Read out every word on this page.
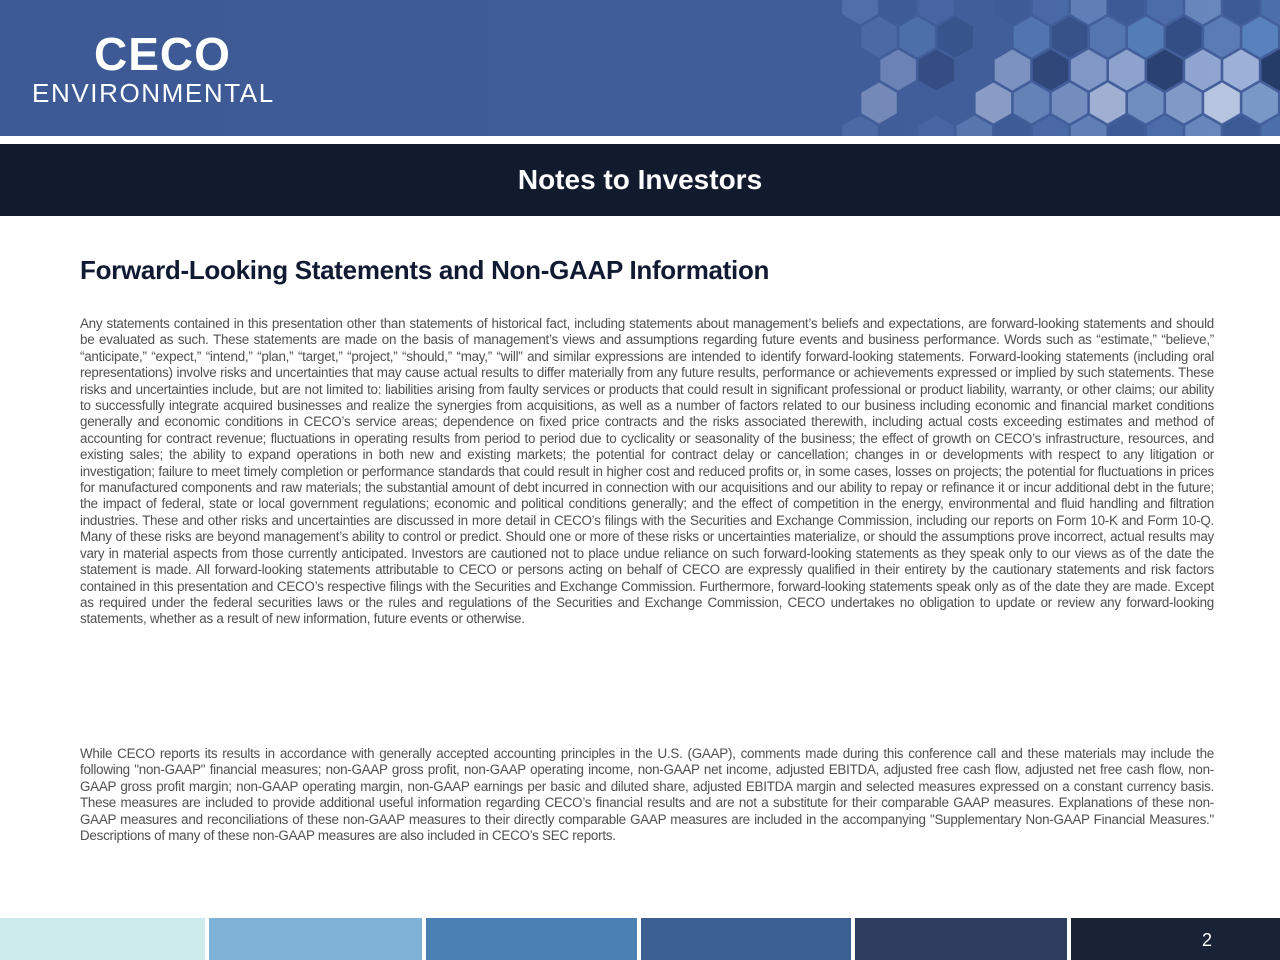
CECO
ENVIRONMENTAL
Notes to Investors
Forward-Looking Statements and Non-GAAP Information

Any statements contained in this presentation other than statements of historical fact, including statements about management’s beliefs and expectations, are forward-looking statements and should be evaluated as such. These statements are made on the basis of management’s views and assumptions regarding future events and business performance. Words such as “estimate,” “believe,” “anticipate,” “expect,” “intend,” “plan,” “target,” “project,” “should,” “may,” “will” and similar expressions are intended to identify forward-looking statements. Forward-looking statements (including oral representations) involve risks and uncertainties that may cause actual results to differ materially from any future results, performance or achievements expressed or implied by such statements. These risks and uncertainties include, but are not limited to: liabilities arising from faulty services or products that could result in significant professional or product liability, warranty, or other claims; our ability to successfully integrate acquired businesses and realize the synergies from acquisitions, as well as a number of factors related to our business including economic and financial market conditions generally and economic conditions in CECO’s service areas; dependence on fixed price contracts and the risks associated therewith, including actual costs exceeding estimates and method of accounting for contract revenue; fluctuations in operating results from period to period due to cyclicality or seasonality of the business; the effect of growth on CECO’s infrastructure, resources, and existing sales; the ability to expand operations in both new and existing markets; the potential for contract delay or cancellation; changes in or developments with respect to any litigation or investigation; failure to meet timely completion or performance standards that could result in higher cost and reduced profits or, in some cases, losses on projects; the potential for fluctuations in prices for manufactured components and raw materials; the substantial amount of debt incurred in connection with our acquisitions and our ability to repay or refinance it or incur additional debt in the future; the impact of federal, state or local government regulations; economic and political conditions generally; and the effect of competition in the energy, environmental and fluid handling and filtration industries. These and other risks and uncertainties are discussed in more detail in CECO’s filings with the Securities and Exchange Commission, including our reports on Form 10-K and Form 10-Q. Many of these risks are beyond management’s ability to control or predict. Should one or more of these risks or uncertainties materialize, or should the assumptions prove incorrect, actual results may vary in material aspects from those currently anticipated. Investors are cautioned not to place undue reliance on such forward-looking statements as they speak only to our views as of the date the statement is made. All forward-looking statements attributable to CECO or persons acting on behalf of CECO are expressly qualified in their entirety by the cautionary statements and risk factors contained in this presentation and CECO’s respective filings with the Securities and Exchange Commission. Furthermore, forward-looking statements speak only as of the date they are made. Except as required under the federal securities laws or the rules and regulations of the Securities and Exchange Commission, CECO undertakes no obligation to update or review any forward-looking statements, whether as a result of new information, future events or otherwise.

While CECO reports its results in accordance with generally accepted accounting principles in the U.S. (GAAP), comments made during this conference call and these materials may include the following "non-GAAP" financial measures; non-GAAP gross profit, non-GAAP operating income, non-GAAP net income, adjusted EBITDA, adjusted free cash flow, adjusted net free cash flow, non-GAAP gross profit margin; non-GAAP operating margin, non-GAAP earnings per basic and diluted share, adjusted EBITDA margin and selected measures expressed on a constant currency basis. These measures are included to provide additional useful information regarding CECO’s financial results and are not a substitute for their comparable GAAP measures. Explanations of these non-GAAP measures and reconciliations of these non-GAAP measures to their directly comparable GAAP measures are included in the accompanying "Supplementary Non-GAAP Financial Measures." Descriptions of many of these non-GAAP measures are also included in CECO’s SEC reports.

2
